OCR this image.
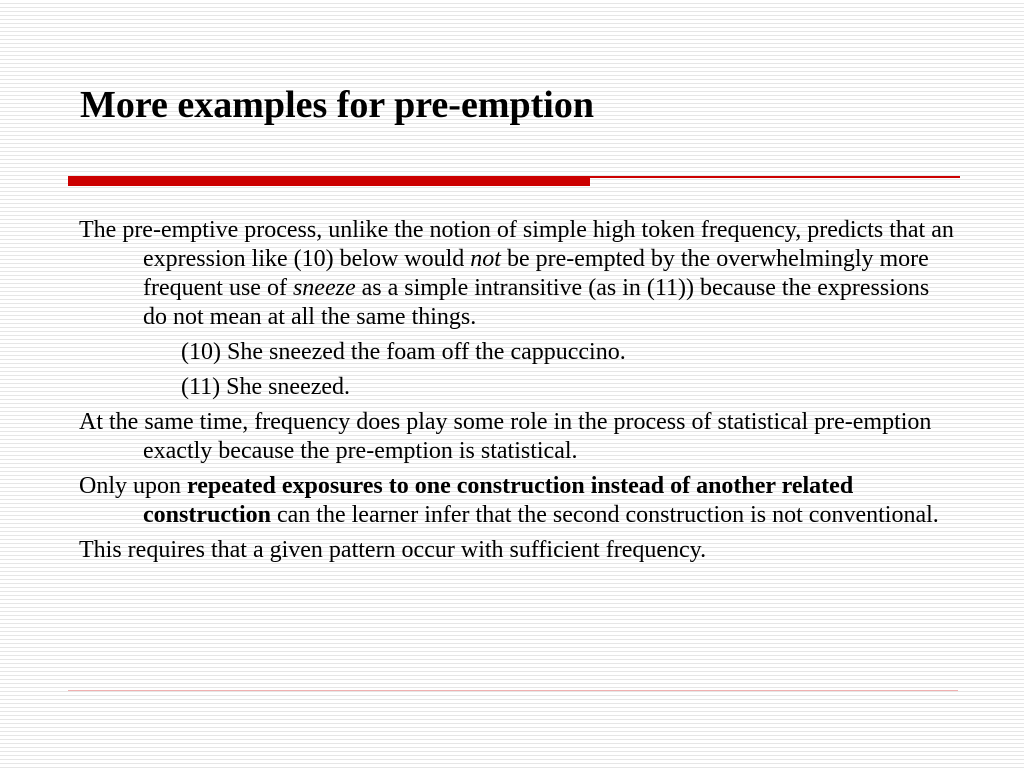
More examples for pre-emption

The pre-emptive process, unlike the notion of simple high token frequency, predicts that an expression like (10) below would not be pre-empted by the overwhelmingly more frequent use of sneeze as a simple intransitive (as in (11)) because the expressions do not mean at all the same things.

(10) She sneezed the foam off the cappuccino.

(11) She sneezed.

At the same time, frequency does play some role in the process of statistical pre-emption exactly because the pre-emption is statistical.

Only upon repeated exposures to one construction instead of another related construction can the learner infer that the second construction is not conventional.

This requires that a given pattern occur with sufficient frequency.
